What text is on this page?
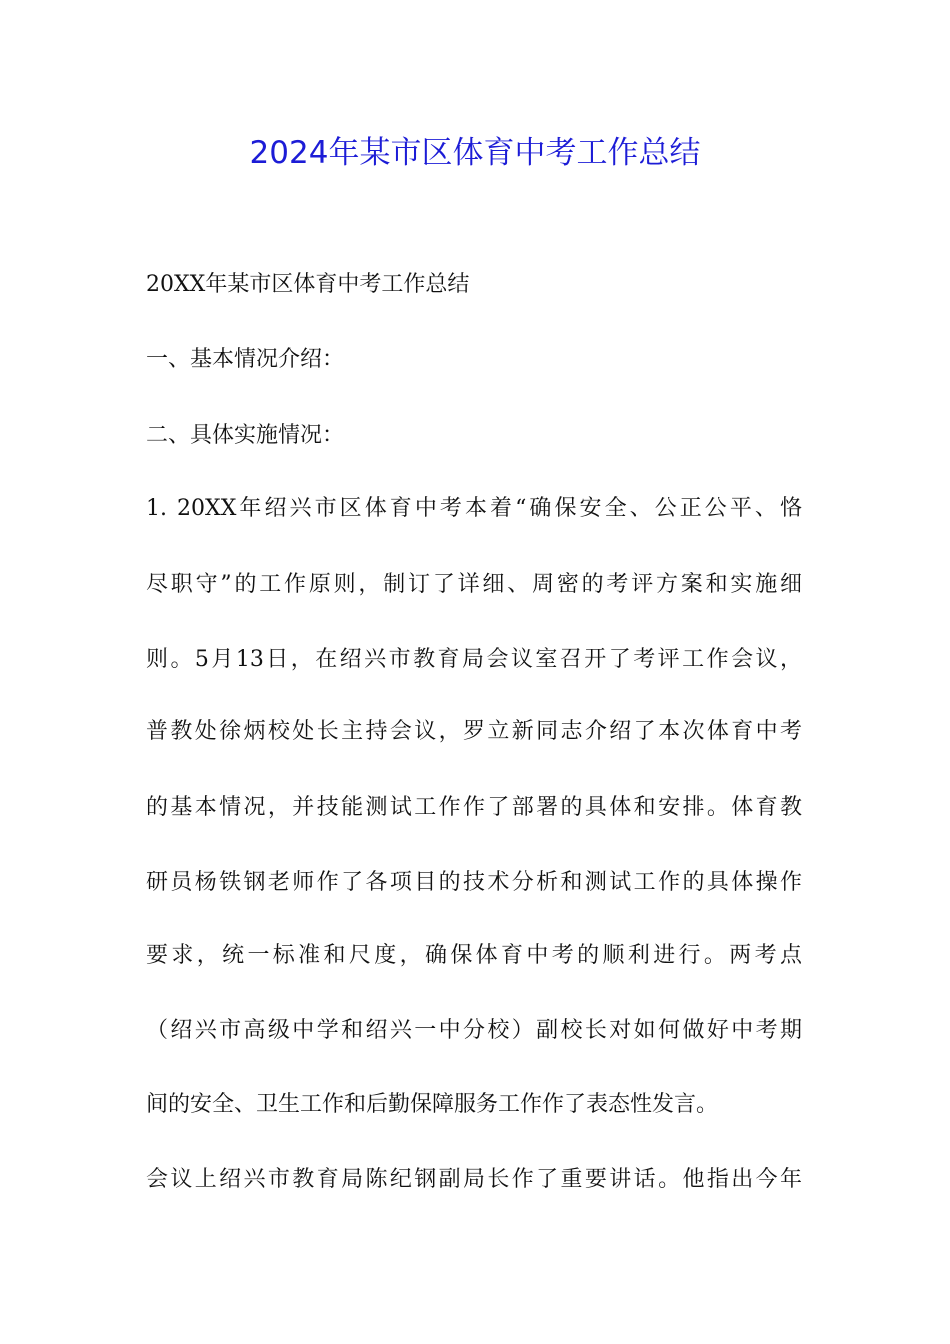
2024年某市区体育中考工作总结

20XX年某市区体育中考工作总结

一、基本情况介绍：

二、具体实施情况：

1. 20XX年绍兴市区体育中考本着“确保安全、公正公平、恪

尽职守”的工作原则，制订了详细、周密的考评方案和实施细

则。5月13日，在绍兴市教育局会议室召开了考评工作会议，

普教处徐炳校处长主持会议，罗立新同志介绍了本次体育中考

的基本情况，并技能测试工作作了部署的具体和安排。体育教

研员杨铁钢老师作了各项目的技术分析和测试工作的具体操作

要求，统一标准和尺度，确保体育中考的顺利进行。两考点

（绍兴市高级中学和绍兴一中分校）副校长对如何做好中考期

间的安全、卫生工作和后勤保障服务工作作了表态性发言。

会议上绍兴市教育局陈纪钢副局长作了重要讲话。他指出今年
